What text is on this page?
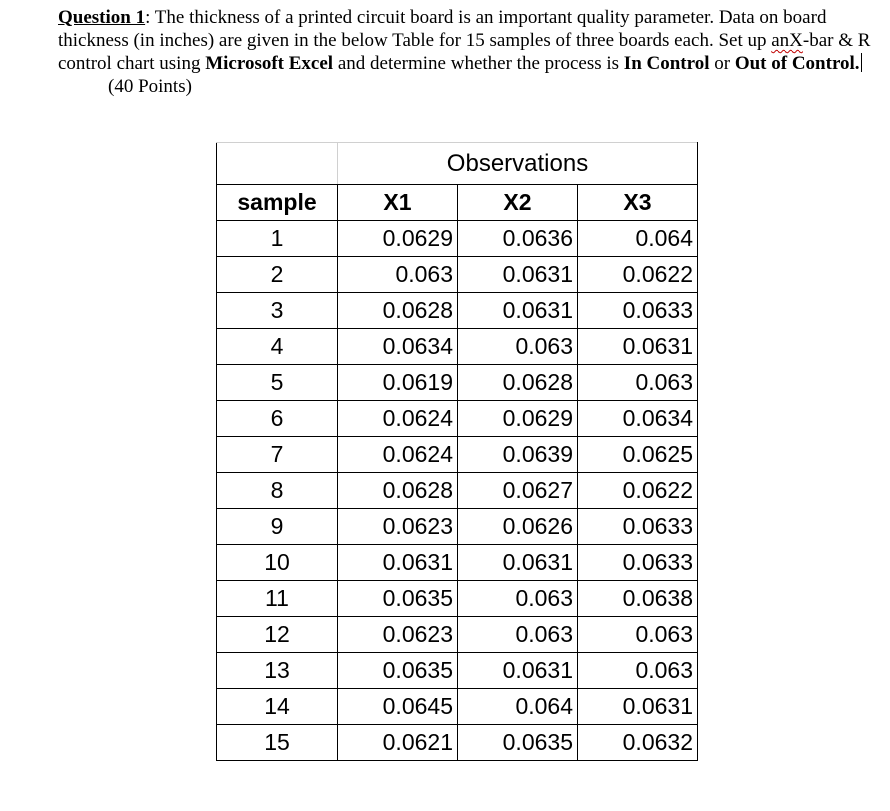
Question 1: The thickness of a printed circuit board is an important quality parameter. Data on board thickness (in inches) are given in the below Table for 15 samples of three boards each. Set up anX-bar & R control chart using Microsoft Excel and determine whether the process is In Control or Out of Control.(40 Points)
	Observations		
sample	X1	X2	X3
1	0.0629	0.0636	0.064
2	0.063	0.0631	0.0622
3	0.0628	0.0631	0.0633
4	0.0634	0.063	0.0631
5	0.0619	0.0628	0.063
6	0.0624	0.0629	0.0634
7	0.0624	0.0639	0.0625
8	0.0628	0.0627	0.0622
9	0.0623	0.0626	0.0633
10	0.0631	0.0631	0.0633
11	0.0635	0.063	0.0638
12	0.0623	0.063	0.063
13	0.0635	0.0631	0.063
14	0.0645	0.064	0.0631
15	0.0621	0.0635	0.0632
